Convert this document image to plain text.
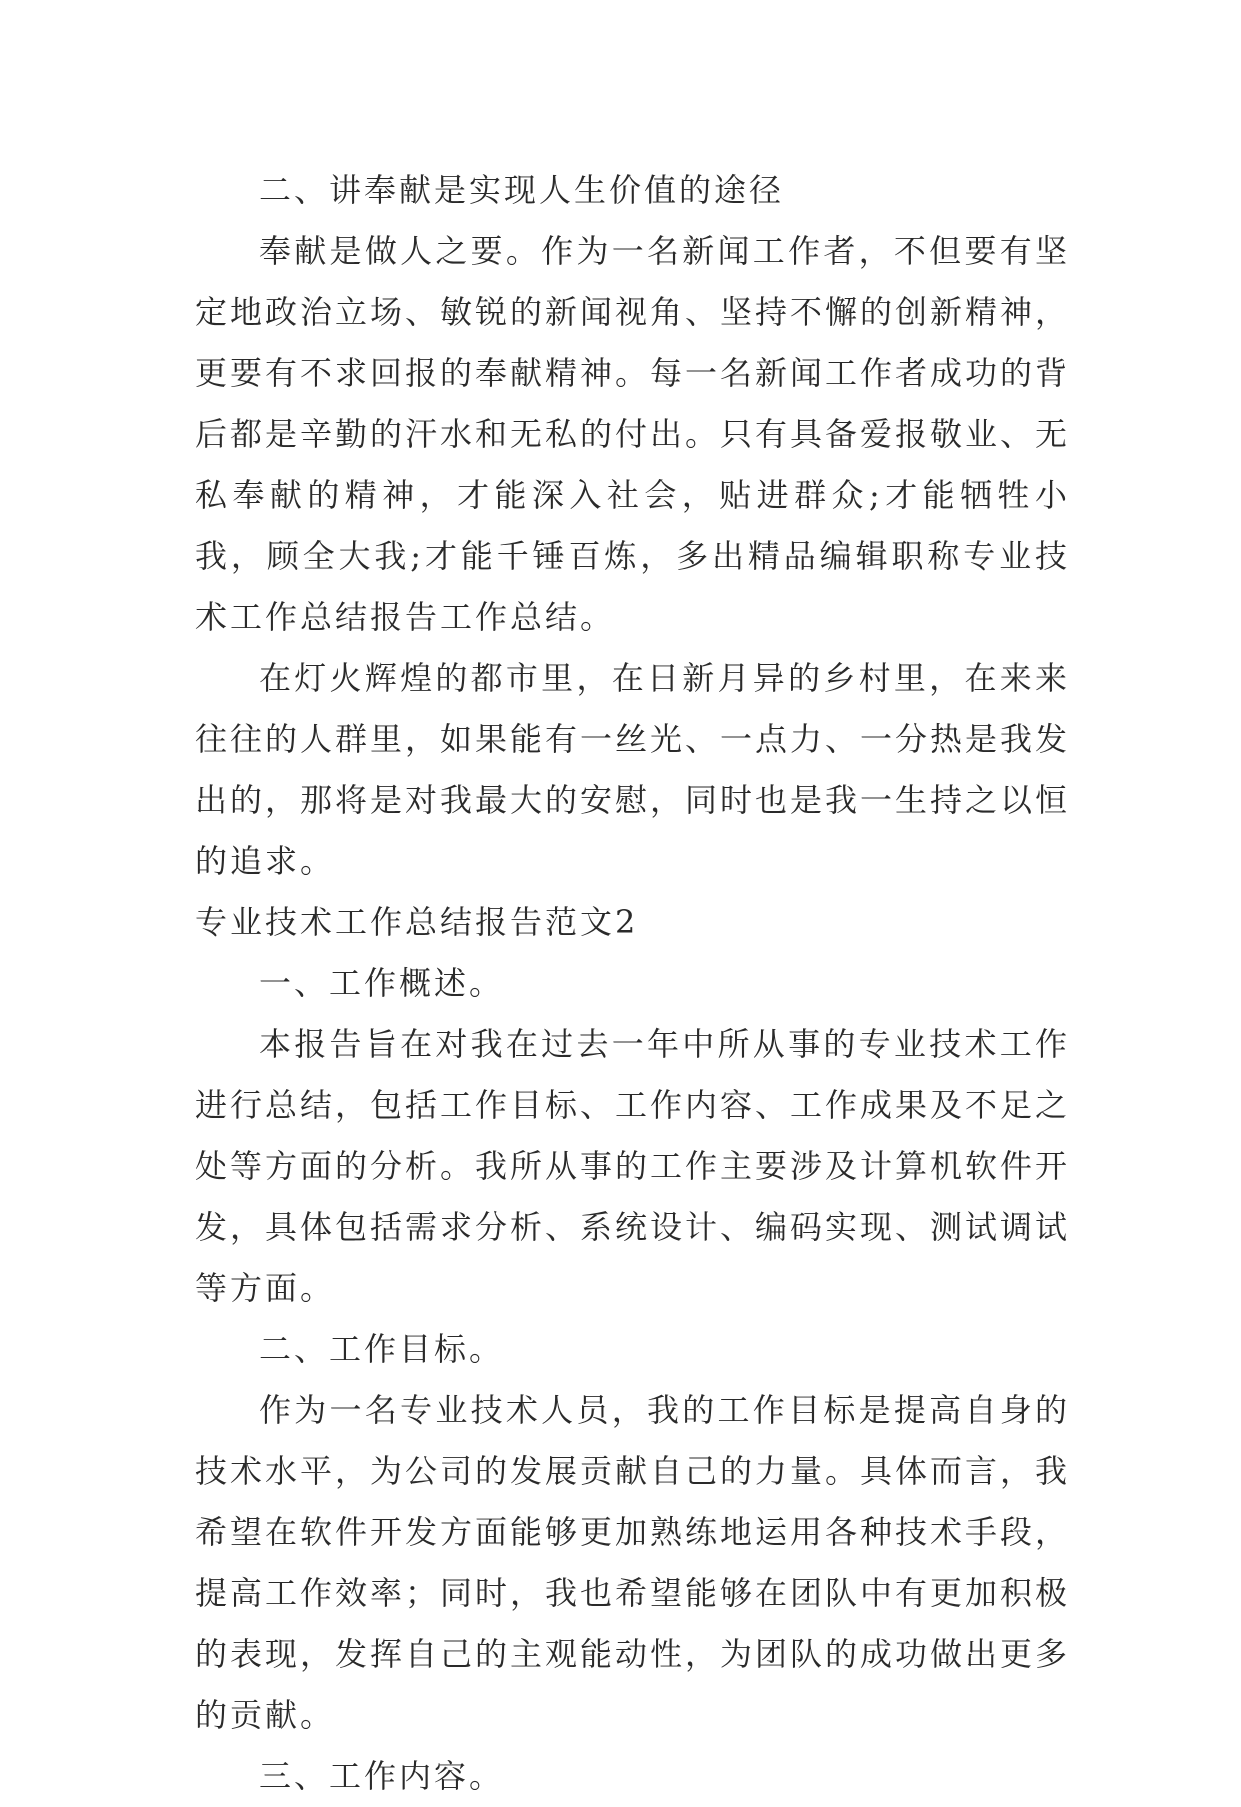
二、讲奉献是实现人生价值的途径

奉献是做人之要。作为一名新闻工作者，不但要有坚定地政治立场、敏锐的新闻视角、坚持不懈的创新精神，更要有不求回报的奉献精神。每一名新闻工作者成功的背后都是辛勤的汗水和无私的付出。只有具备爱报敬业、无私奉献的精神，才能深入社会，贴进群众;才能牺牲小我，顾全大我;才能千锤百炼，多出精品编辑职称专业技术工作总结报告工作总结。

在灯火辉煌的都市里，在日新月异的乡村里，在来来往往的人群里，如果能有一丝光、一点力、一分热是我发出的，那将是对我最大的安慰，同时也是我一生持之以恒的追求。

专业技术工作总结报告范文2

一、工作概述。

本报告旨在对我在过去一年中所从事的专业技术工作进行总结，包括工作目标、工作内容、工作成果及不足之处等方面的分析。我所从事的工作主要涉及计算机软件开发，具体包括需求分析、系统设计、编码实现、测试调试等方面。

二、工作目标。

作为一名专业技术人员，我的工作目标是提高自身的技术水平，为公司的发展贡献自己的力量。具体而言，我希望在软件开发方面能够更加熟练地运用各种技术手段，提高工作效率；同时，我也希望能够在团队中有更加积极的表现，发挥自己的主观能动性，为团队的成功做出更多的贡献。

三、工作内容。
